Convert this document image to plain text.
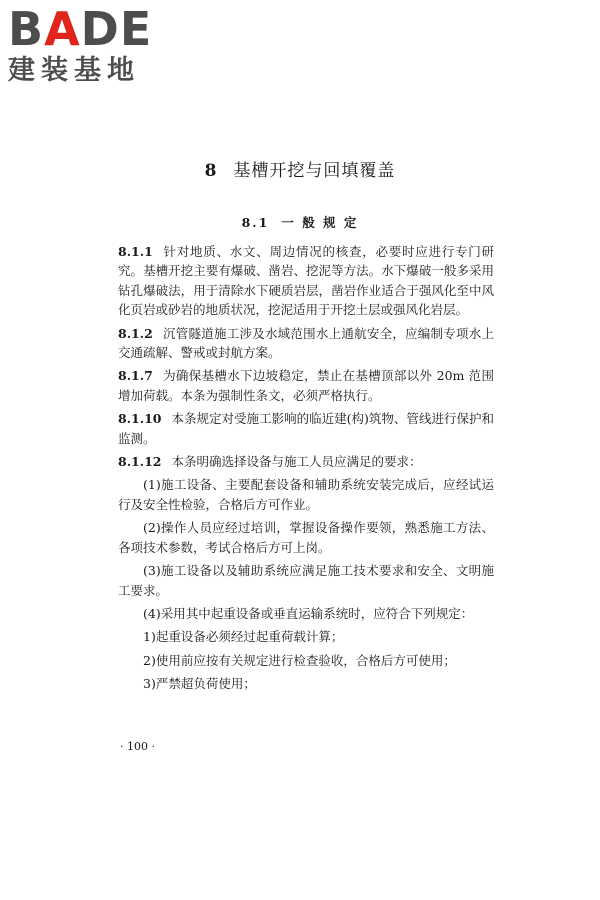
BADE
建装基地
8 基槽开挖与回填覆盖
8.1 一 般 规 定

8.1.1 针对地质、水文、周边情况的核查，必要时应进行专门研究。基槽开挖主要有爆破、凿岩、挖泥等方法。水下爆破一般多采用钻孔爆破法，用于清除水下硬质岩层，凿岩作业适合于强风化至中风化页岩或砂岩的地质状况，挖泥适用于开挖土层或强风化岩层。

8.1.2 沉管隧道施工涉及水域范围水上通航安全，应编制专项水上交通疏解、警戒或封航方案。

8.1.7 为确保基槽水下边坡稳定，禁止在基槽顶部以外 20m 范围增加荷载。本条为强制性条文，必须严格执行。

8.1.10 本条规定对受施工影响的临近建(构)筑物、管线进行保护和监测。

8.1.12 本条明确选择设备与施工人员应满足的要求：

(1)施工设备、主要配套设备和辅助系统安装完成后，应经试运行及安全性检验，合格后方可作业。

(2)操作人员应经过培训，掌握设备操作要领，熟悉施工方法、各项技术参数，考试合格后方可上岗。

(3)施工设备以及辅助系统应满足施工技术要求和安全、文明施工要求。

(4)采用其中起重设备或垂直运输系统时，应符合下列规定：

1)起重设备必须经过起重荷载计算；

2)使用前应按有关规定进行检查验收，合格后方可使用；

3)严禁超负荷使用；

· 100 ·
